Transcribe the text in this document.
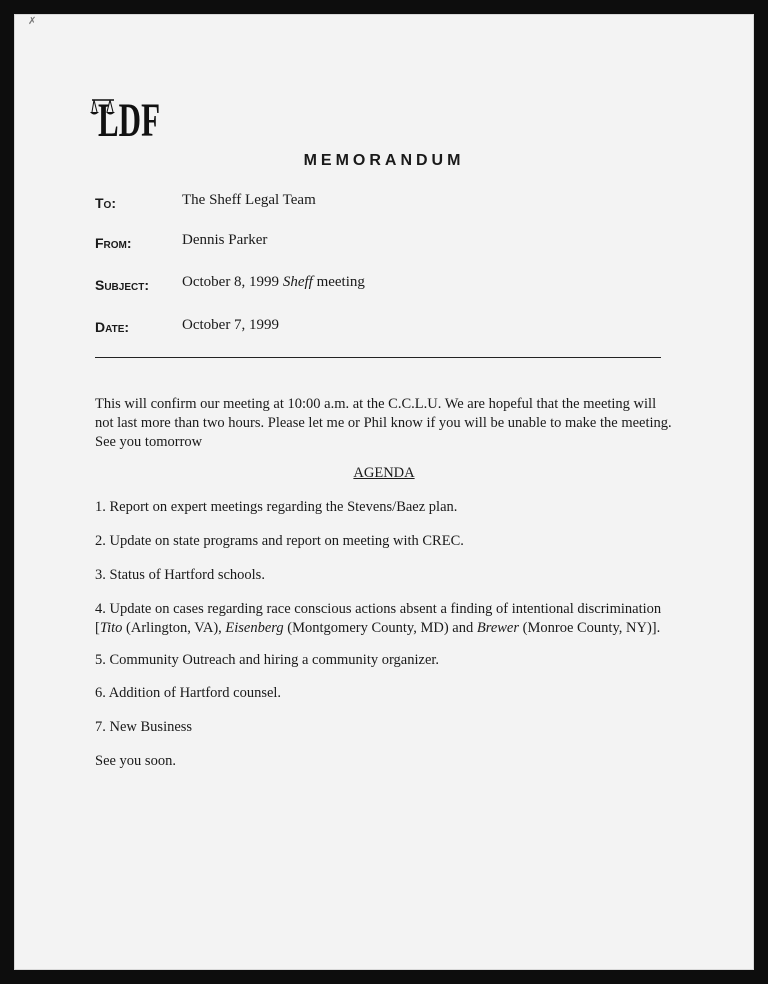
✗
LDF
MEMORANDUM
To:	The Sheff Legal Team
From:	Dennis Parker
Subject: October 8, 1999 Sheff meeting
Date:	October 7, 1999
This will confirm our meeting at 10:00 a.m. at the C.C.L.U. We are hopeful that the meeting will
not last more than two hours. Please let me or Phil know if you will be unable to make the meeting.
See you tomorrow
AGENDA
1. Report on expert meetings regarding the Stevens/Baez plan.
2. Update on state programs and report on meeting with CREC.
3. Status of Hartford schools.
4. Update on cases regarding race conscious actions absent a finding of intentional discrimination
[Tito (Arlington, VA), Eisenberg (Montgomery County, MD) and Brewer (Monroe County, NY)].
5. Community Outreach and hiring a community organizer.
6. Addition of Hartford counsel.
7. New Business
See you soon.
